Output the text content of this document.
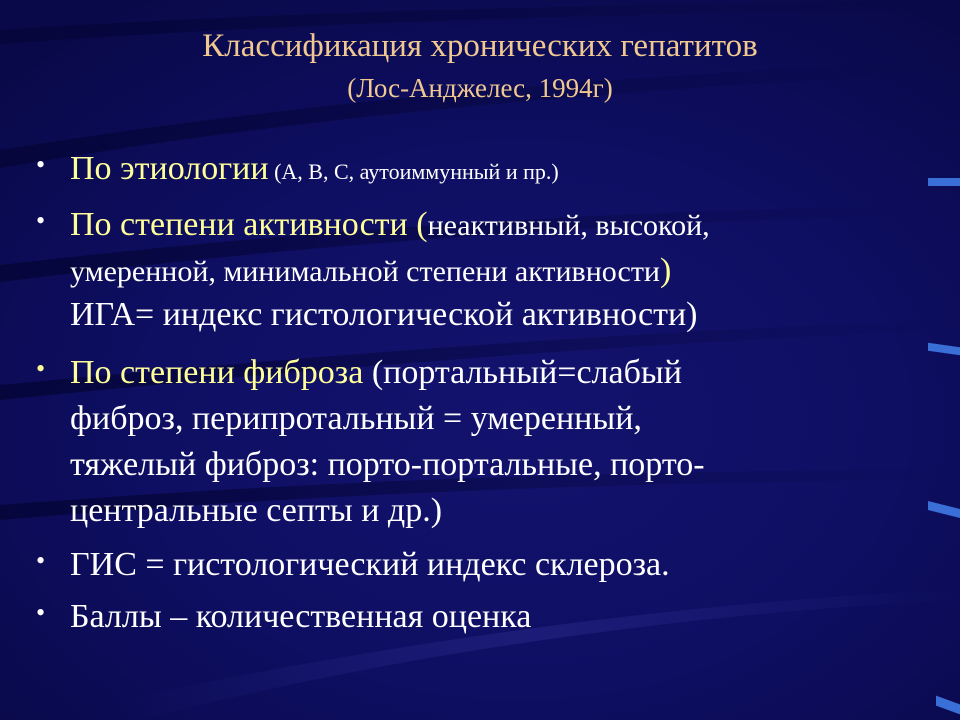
Классификация хронических гепатитов
(Лос-Анджелес, 1994г)
• По этиологии (А, В, С, аутоиммунный и пр.)
• По степени активности (неактивный, высокой,
умеренной, минимальной степени активности)
ИГА= индекс гистологической активности)
• По степени фиброза (портальный=слабый
фиброз, перипротальный = умеренный,
тяжелый фиброз: порто-портальные, порто-
центральные септы и др.)
• ГИС = гистологический индекс склероза.
• Баллы – количественная оценка
